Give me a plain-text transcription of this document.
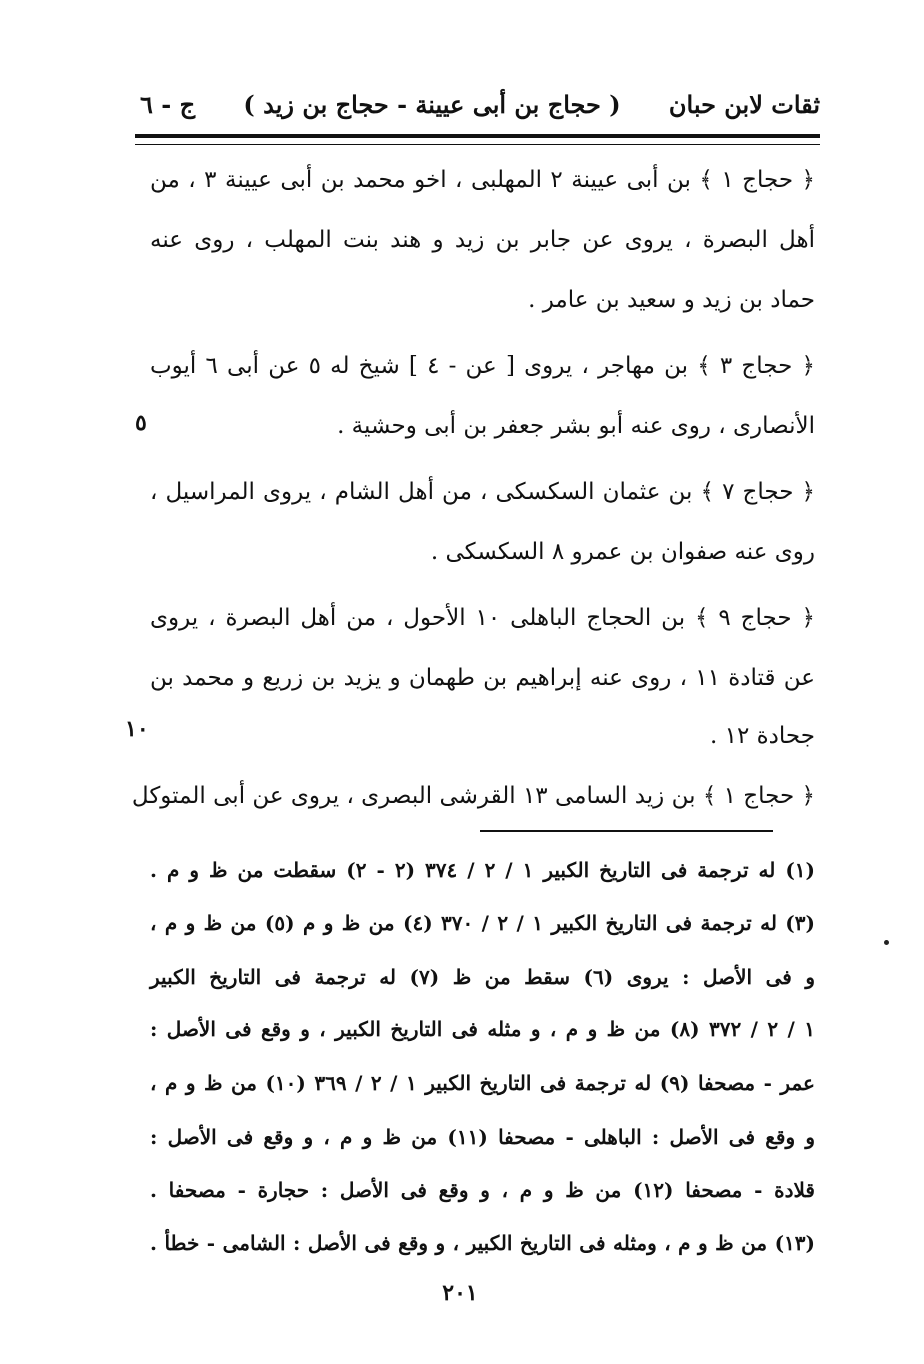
ثقات لابن حبان
( حجاج بن أبى عيينة - حجاج بن زيد )
ج - ٦
﴿ حجاج ١ ﴾ بن أبى عيينة ٢ المهلبى ، اخو محمد بن أبى عيينة ٣ ، من
أهل البصرة ، يروى عن جابر بن زيد و هند بنت المهلب ، روى عنه
حماد بن زيد و سعيد بن عامر .
﴿ حجاج ٣ ﴾ بن مهاجر ، يروى [ عن - ٤ ] شيخ له ٥ عن أبى ٦ أيوب
الأنصارى ، روى عنه أبو بشر جعفر بن أبى وحشية .
﴿ حجاج ٧ ﴾ بن عثمان السكسكى ، من أهل الشام ، يروى المراسيل ،
روى عنه صفوان بن عمرو ٨ السكسكى .
﴿ حجاج ٩ ﴾ بن الحجاج الباهلى ١٠ الأحول ، من أهل البصرة ، يروى
عن قتادة ١١ ، روى عنه إبراهيم بن طهمان و يزيد بن زريع و محمد بن
جحادة ١٢ .
﴿ حجاج ١ ﴾ بن زيد السامى ١٣ القرشى البصرى ، يروى عن أبى المتوكل
٥
١٠
(١) له ترجمة فى التاريخ الكبير ١ / ٢ / ٣٧٤ (٢ - ٢) سقطت من ظ و م .
(٣) له ترجمة فى التاريخ الكبير ١ / ٢ / ٣٧٠ (٤) من ظ و م (٥) من ظ و م ،
و فى الأصل : يروى (٦) سقط من ظ (٧) له ترجمة فى التاريخ الكبير
١ / ٢ / ٣٧٢ (٨) من ظ و م ، و مثله فى التاريخ الكبير ، و وقع فى الأصل :
عمر - مصحفا (٩) له ترجمة فى التاريخ الكبير ١ / ٢ / ٣٦٩ (١٠) من ظ و م ،
و وقع فى الأصل : الباهلى - مصحفا (١١) من ظ و م ، و وقع فى الأصل :
قلادة - مصحفا (١٢) من ظ و م ، و وقع فى الأصل : حجارة - مصحفا .
(١٣) من ظ و م ، ومثله فى التاريخ الكبير ، و وقع فى الأصل : الشامى - خطأ .
٢٠١
